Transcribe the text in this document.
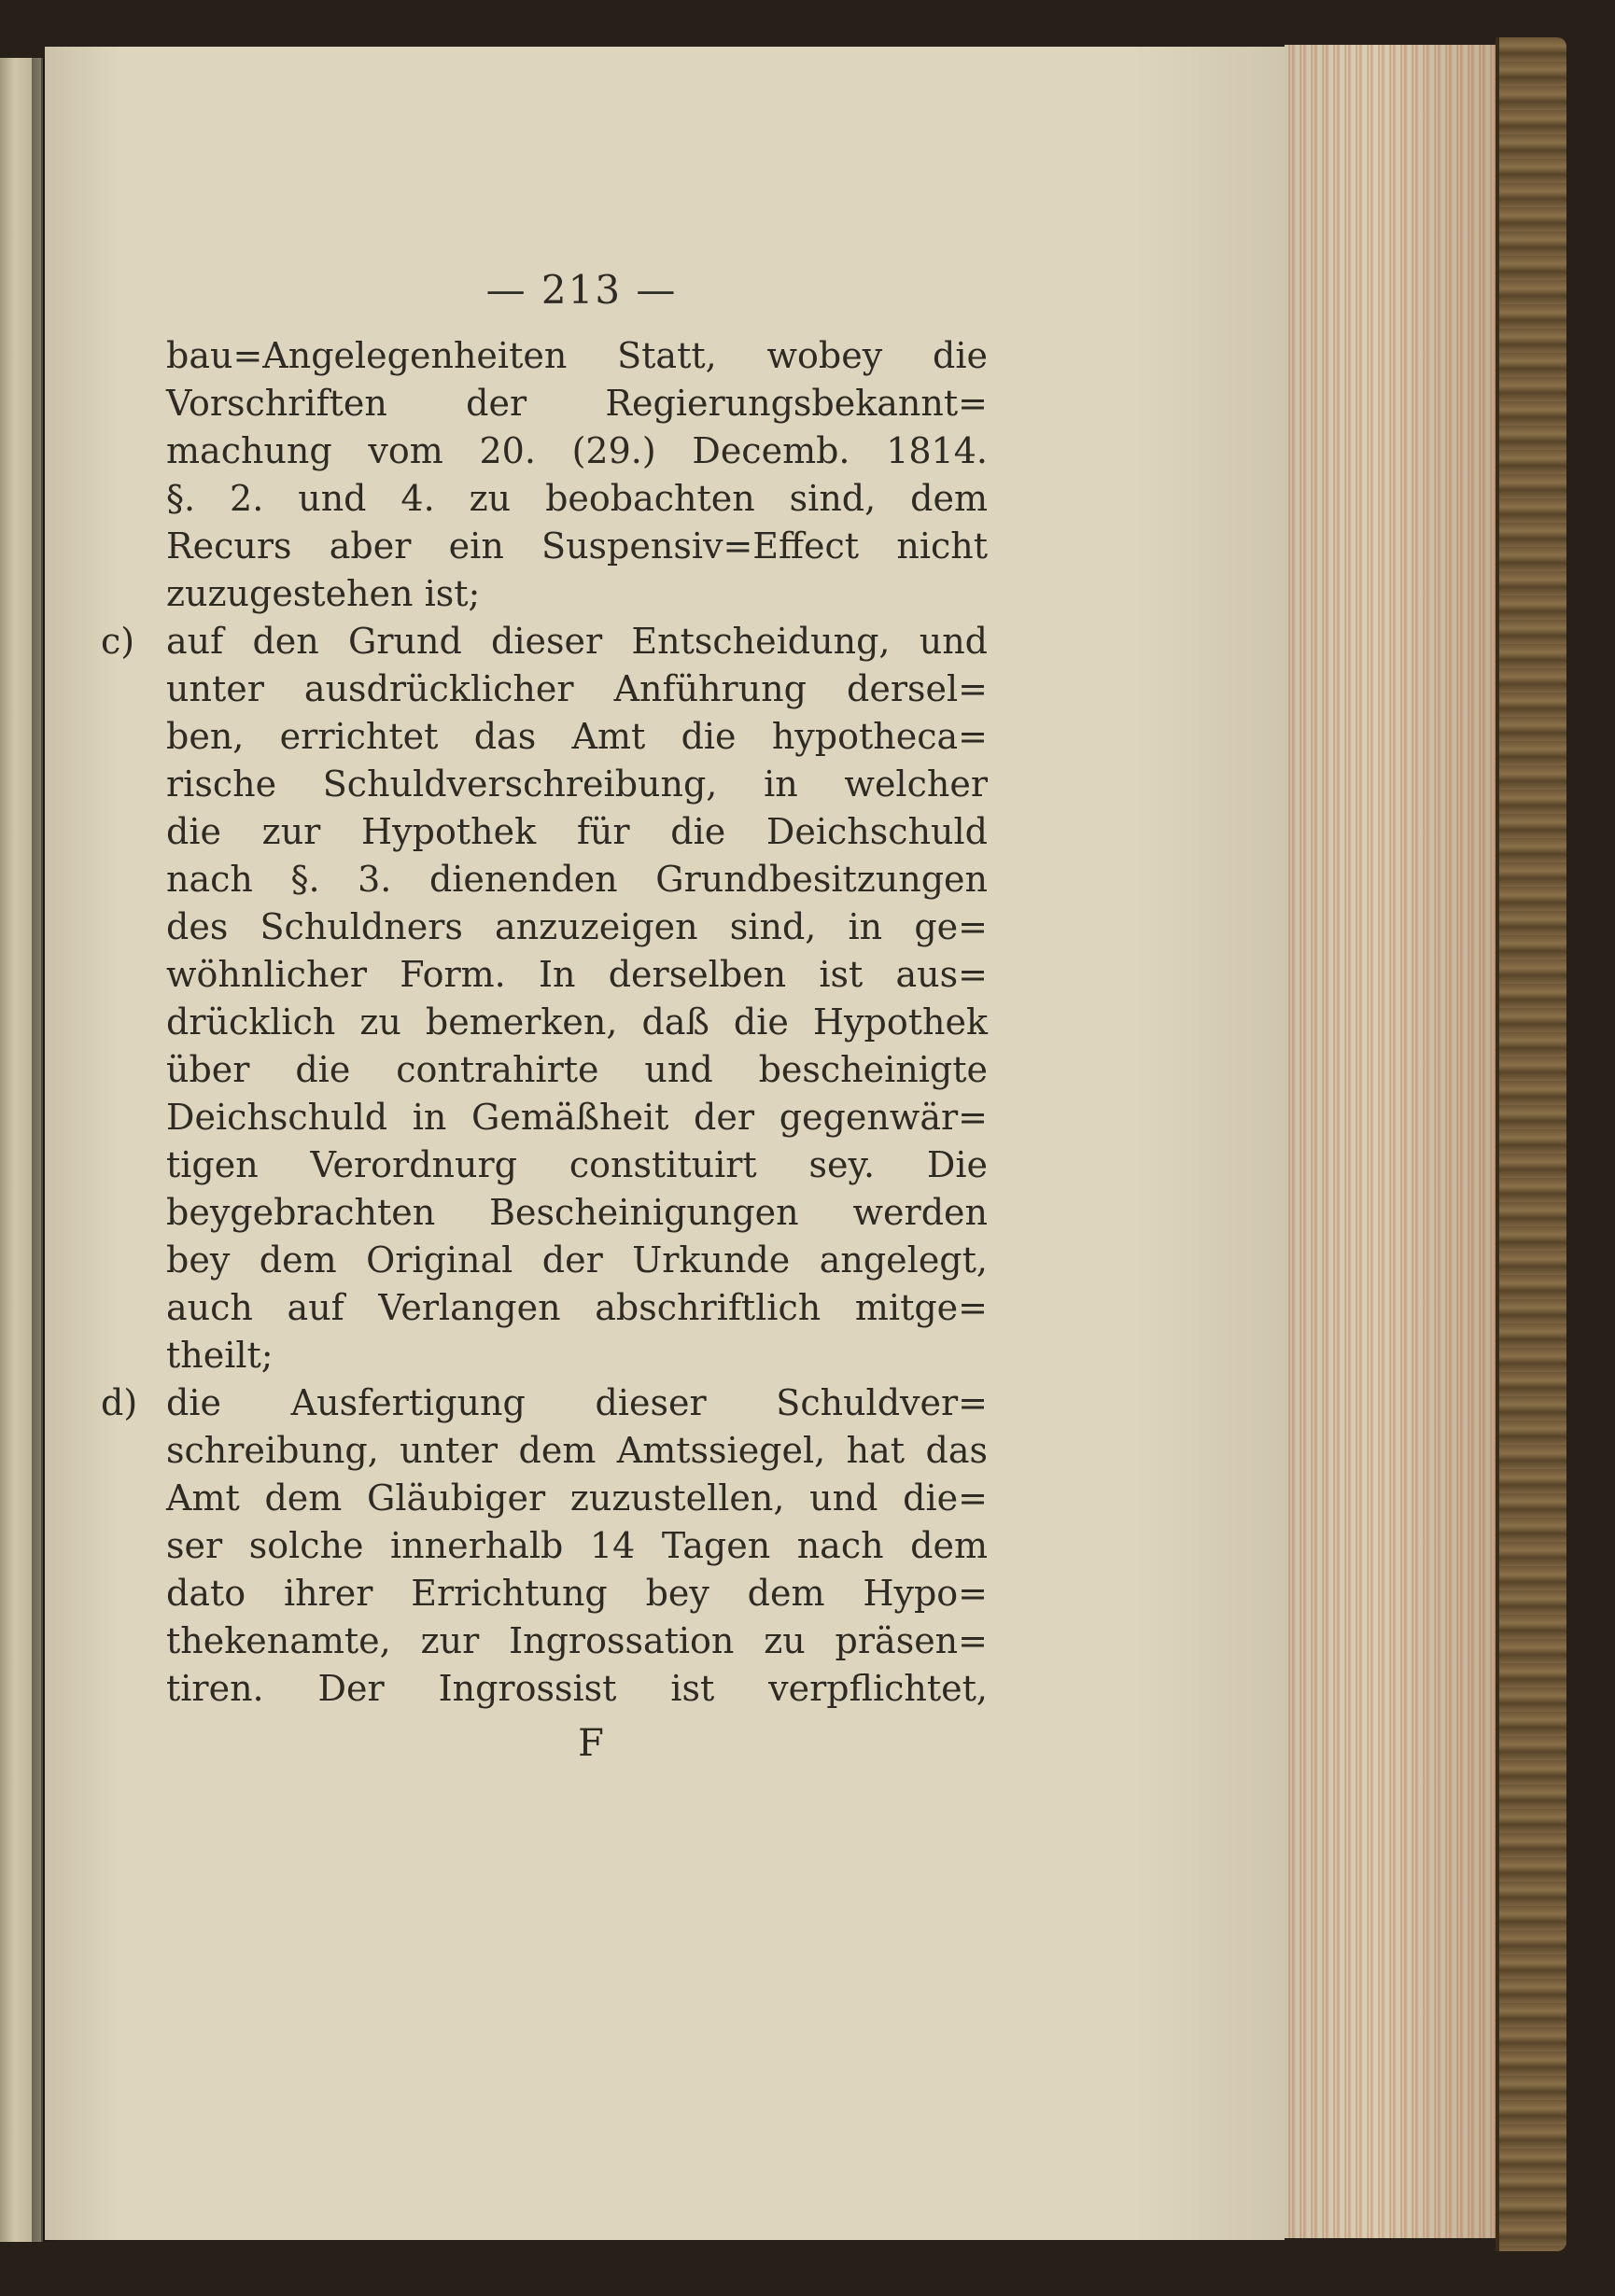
— 213 —
bau=Angelegenheiten Statt, wobey die
Vorschriften der Regierungsbekannt=
machung vom 20. (29.) Decemb. 1814.
§. 2. und 4. zu beobachten sind, dem
Recurs aber ein Suspensiv=Effect nicht
zuzugestehen ist;
c) auf den Grund dieser Entscheidung, und
unter ausdrücklicher Anführung dersel=
ben, errichtet das Amt die hypotheca=
rische Schuldverschreibung, in welcher
die zur Hypothek für die Deichschuld
nach §. 3. dienenden Grundbesitzungen
des Schuldners anzuzeigen sind, in ge=
wöhnlicher Form. In derselben ist aus=
drücklich zu bemerken, daß die Hypothek
über die contrahirte und bescheinigte
Deichschuld in Gemäßheit der gegenwär=
tigen Verordnurg constituirt sey. Die
beygebrachten Bescheinigungen werden
bey dem Original der Urkunde angelegt,
auch auf Verlangen abschriftlich mitge=
theilt;
d) die Ausfertigung dieser Schuldver=
schreibung, unter dem Amtssiegel, hat das
Amt dem Gläubiger zuzustellen, und die=
ser solche innerhalb 14 Tagen nach dem
dato ihrer Errichtung bey dem Hypo=
thekenamte, zur Ingrossation zu präsen=
tiren. Der Ingrossist ist verpflichtet,
F
